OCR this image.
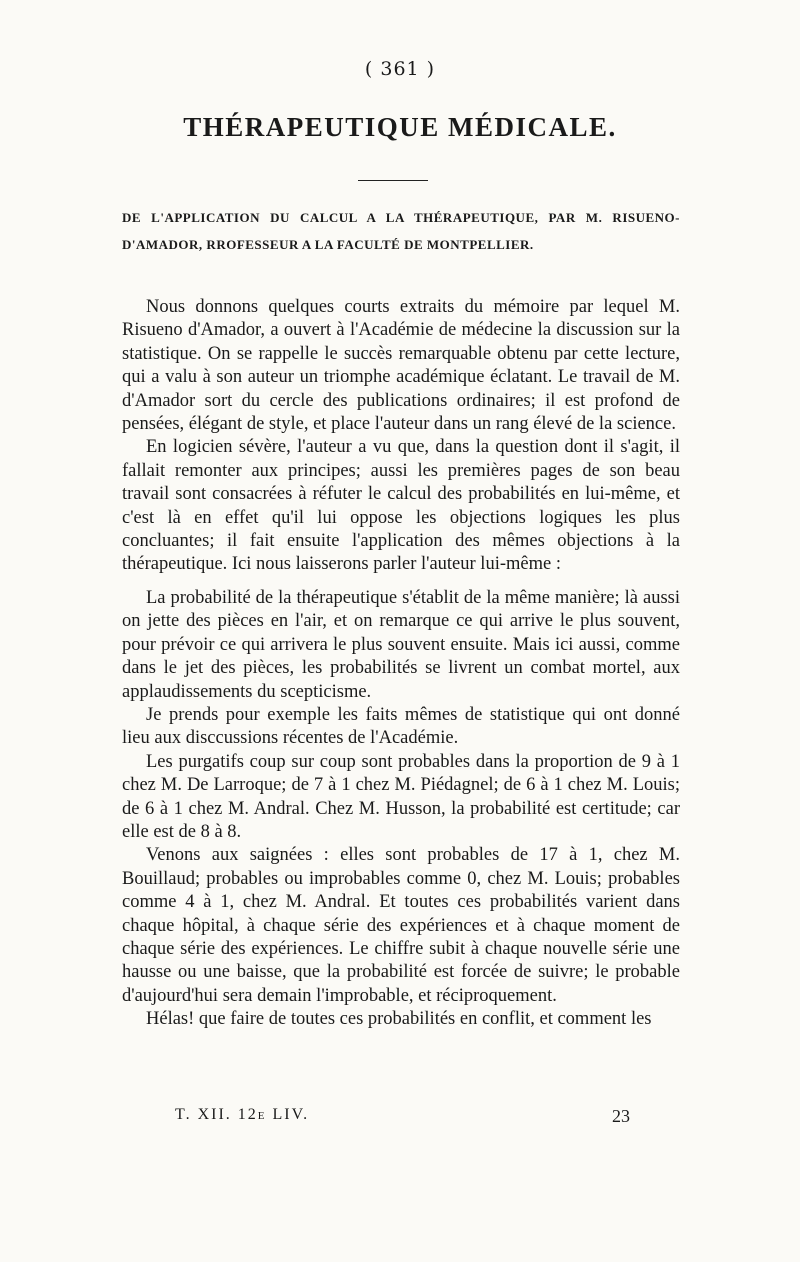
( 361 )
THÉRAPEUTIQUE MÉDICALE.
DE L'APPLICATION DU CALCUL A LA THÉRAPEUTIQUE, PAR M. RISUENO-D'AMADOR, RROFESSEUR A LA FACULTÉ DE MONTPELLIER.

Nous donnons quelques courts extraits du mémoire par lequel M. Risueno d'Amador, a ouvert à l'Académie de médecine la discussion sur la statistique. On se rappelle le succès remarquable obtenu par cette lecture, qui a valu à son auteur un triomphe académique éclatant. Le travail de M. d'Amador sort du cercle des publications ordinaires; il est profond de pensées, élégant de style, et place l'auteur dans un rang élevé de la science.

En logicien sévère, l'auteur a vu que, dans la question dont il s'agit, il fallait remonter aux principes; aussi les premières pages de son beau travail sont consacrées à réfuter le calcul des probabilités en lui-même, et c'est là en effet qu'il lui oppose les objections logiques les plus concluantes; il fait ensuite l'application des mêmes objections à la thérapeutique. Ici nous laisserons parler l'auteur lui-même :

La probabilité de la thérapeutique s'établit de la même manière; là aussi on jette des pièces en l'air, et on remarque ce qui arrive le plus souvent, pour prévoir ce qui arrivera le plus souvent ensuite. Mais ici aussi, comme dans le jet des pièces, les probabilités se livrent un combat mortel, aux applaudissements du scepticisme.

Je prends pour exemple les faits mêmes de statistique qui ont donné lieu aux disccussions récentes de l'Académie.

Les purgatifs coup sur coup sont probables dans la proportion de 9 à 1 chez M. De Larroque; de 7 à 1 chez M. Piédagnel; de 6 à 1 chez M. Louis; de 6 à 1 chez M. Andral. Chez M. Husson, la probabilité est certitude; car elle est de 8 à 8.

Venons aux saignées : elles sont probables de 17 à 1, chez M. Bouillaud; probables ou improbables comme 0, chez M. Louis; probables comme 4 à 1, chez M. Andral. Et toutes ces probabilités varient dans chaque hôpital, à chaque série des expériences et à chaque moment de chaque série des expériences. Le chiffre subit à chaque nouvelle série une hausse ou une baisse, que la probabilité est forcée de suivre; le probable d'aujourd'hui sera demain l'improbable, et réciproquement.

Hélas! que faire de toutes ces probabilités en conflit, et comment les

T. XII. 12e LIV.	23
